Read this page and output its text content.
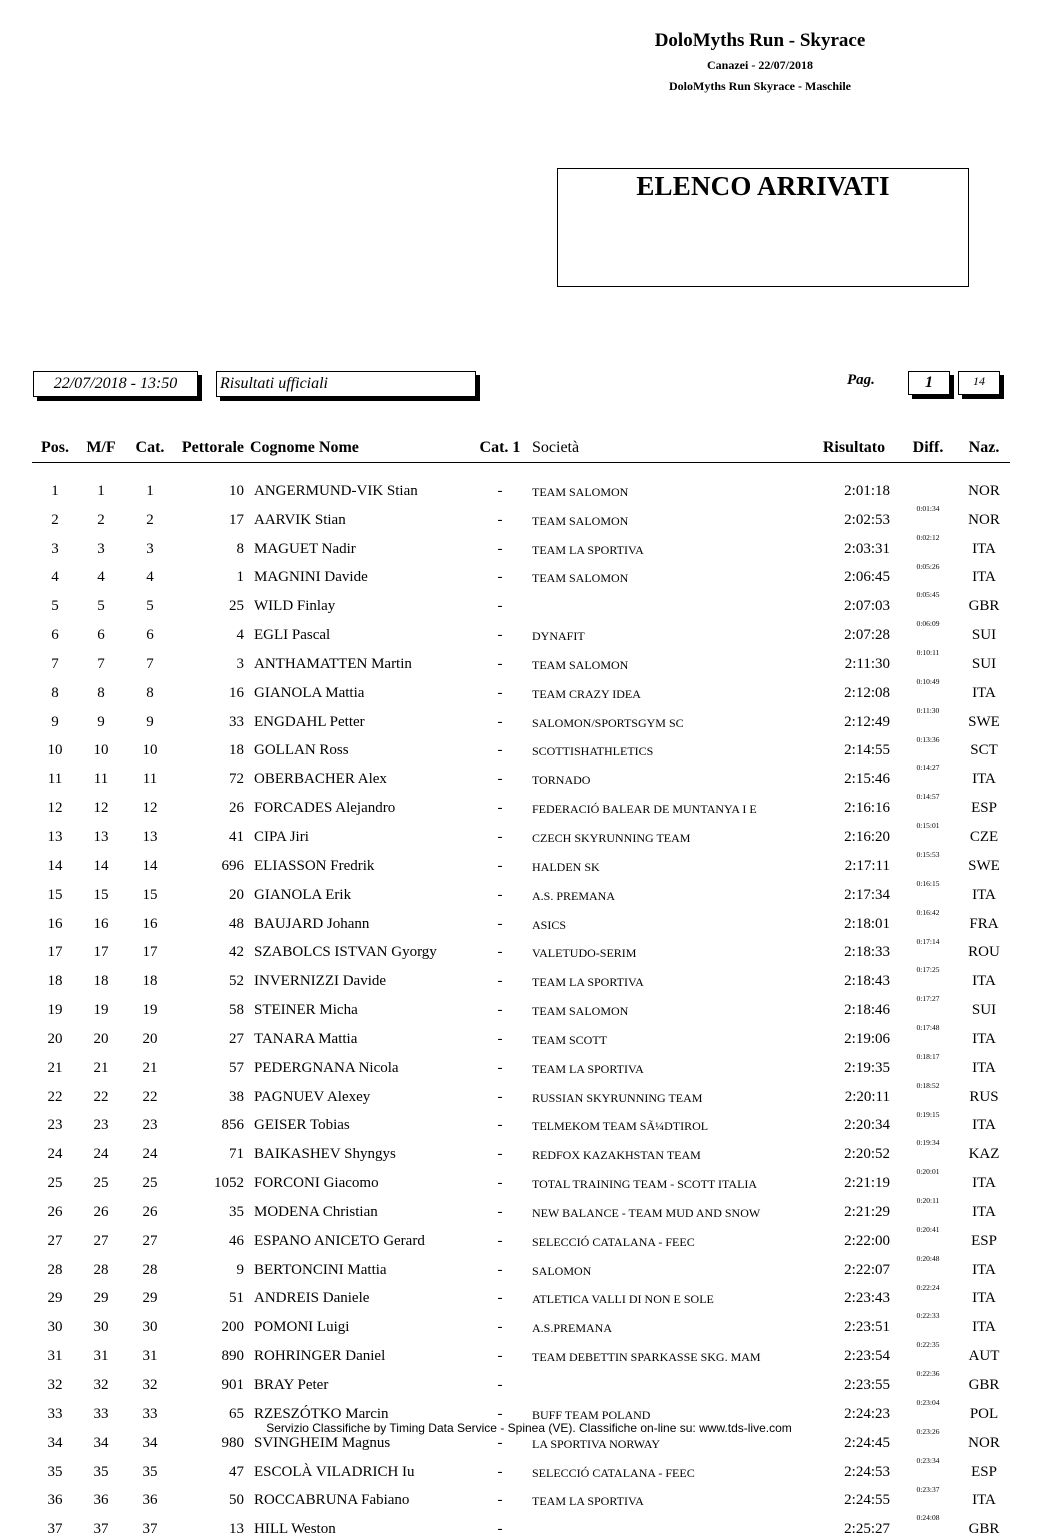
DoloMyths Run - Skyrace
Canazei - 22/07/2018
DoloMyths Run Skyrace - Maschile
ELENCO ARRIVATI
22/07/2018 - 13:50	Risultati ufficiali	Pag.	1	14
Pos.	M/F	Cat.	Pettorale	Cognome Nome	Cat. 1	Società	Risultato	Diff.	Naz.
1	1	1	10	ANGERMUND-VIK Stian	-	TEAM SALOMON	2:01:18		NOR
2	2	2	17	AARVIK Stian	-	TEAM SALOMON	2:02:53	0:01:34	NOR
3	3	3	8	MAGUET Nadir	-	TEAM LA SPORTIVA	2:03:31	0:02:12	ITA
4	4	4	1	MAGNINI Davide	-	TEAM SALOMON	2:06:45	0:05:26	ITA
5	5	5	25	WILD Finlay	-		2:07:03	0:05:45	GBR
6	6	6	4	EGLI Pascal	-	DYNAFIT	2:07:28	0:06:09	SUI
7	7	7	3	ANTHAMATTEN Martin	-	TEAM SALOMON	2:11:30	0:10:11	SUI
8	8	8	16	GIANOLA Mattia	-	TEAM CRAZY IDEA	2:12:08	0:10:49	ITA
9	9	9	33	ENGDAHL Petter	-	SALOMON/SPORTSGYM SC	2:12:49	0:11:30	SWE
10	10	10	18	GOLLAN Ross	-	SCOTTISHATHLETICS	2:14:55	0:13:36	SCT
11	11	11	72	OBERBACHER Alex	-	TORNADO	2:15:46	0:14:27	ITA
12	12	12	26	FORCADES Alejandro	-	FEDERACIÓ BALEAR DE MUNTANYA I E	2:16:16	0:14:57	ESP
13	13	13	41	CIPA Jiri	-	CZECH SKYRUNNING TEAM	2:16:20	0:15:01	CZE
14	14	14	696	ELIASSON Fredrik	-	HALDEN SK	2:17:11	0:15:53	SWE
15	15	15	20	GIANOLA Erik	-	A.S. PREMANA	2:17:34	0:16:15	ITA
16	16	16	48	BAUJARD Johann	-	ASICS	2:18:01	0:16:42	FRA
17	17	17	42	SZABOLCS ISTVAN Gyorgy	-	VALETUDO-SERIM	2:18:33	0:17:14	ROU
18	18	18	52	INVERNIZZI Davide	-	TEAM LA SPORTIVA	2:18:43	0:17:25	ITA
19	19	19	58	STEINER Micha	-	TEAM SALOMON	2:18:46	0:17:27	SUI
20	20	20	27	TANARA Mattia	-	TEAM SCOTT	2:19:06	0:17:48	ITA
21	21	21	57	PEDERGNANA Nicola	-	TEAM LA SPORTIVA	2:19:35	0:18:17	ITA
22	22	22	38	PAGNUEV Alexey	-	RUSSIAN SKYRUNNING TEAM	2:20:11	0:18:52	RUS
23	23	23	856	GEISER Tobias	-	TELMEKOM TEAM SÃ¼DTIROL	2:20:34	0:19:15	ITA
24	24	24	71	BAIKASHEV Shyngys	-	REDFOX KAZAKHSTAN TEAM	2:20:52	0:19:34	KAZ
25	25	25	1052	FORCONI Giacomo	-	TOTAL TRAINING TEAM - SCOTT ITALIA	2:21:19	0:20:01	ITA
26	26	26	35	MODENA Christian	-	NEW BALANCE - TEAM MUD AND SNOW	2:21:29	0:20:11	ITA
27	27	27	46	ESPANO ANICETO Gerard	-	SELECCIÓ CATALANA - FEEC	2:22:00	0:20:41	ESP
28	28	28	9	BERTONCINI Mattia	-	SALOMON	2:22:07	0:20:48	ITA
29	29	29	51	ANDREIS Daniele	-	ATLETICA VALLI DI NON E SOLE	2:23:43	0:22:24	ITA
30	30	30	200	POMONI Luigi	-	A.S.PREMANA	2:23:51	0:22:33	ITA
31	31	31	890	ROHRINGER Daniel	-	TEAM DEBETTIN SPARKASSE SKG. MAM	2:23:54	0:22:35	AUT
32	32	32	901	BRAY Peter	-		2:23:55	0:22:36	GBR
33	33	33	65	RZESZÓTKO Marcin	-	BUFF TEAM POLAND	2:24:23	0:23:04	POL
34	34	34	980	SVINGHEIM Magnus	-	LA SPORTIVA NORWAY	2:24:45	0:23:26	NOR
35	35	35	47	ESCOLÀ VILADRICH Iu	-	SELECCIÓ CATALANA - FEEC	2:24:53	0:23:34	ESP
36	36	36	50	ROCCABRUNA Fabiano	-	TEAM LA SPORTIVA	2:24:55	0:23:37	ITA
37	37	37	13	HILL Weston	-		2:25:27	0:24:08	GBR
Servizio Classifiche by Timing Data Service - Spinea (VE). Classifiche on-line su: www.tds-live.com
